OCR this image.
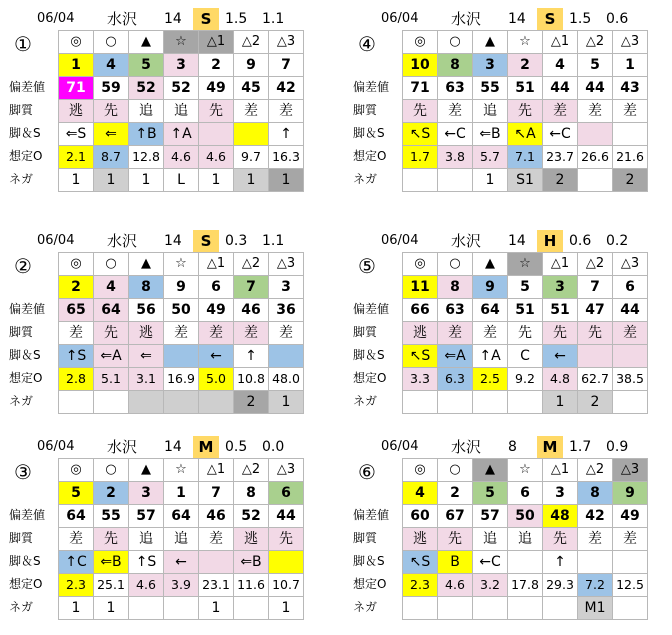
06/04 水沢 14	S 1.5 1.1
①
偏差値
脚質
脚＆S
想定O
ネガ
◎	○	▲	☆	△1	△2	△3
1	4	5	3	2	9	7
71	59	52	52	49	45	42
逃	先	追	追	先	差	差
⇐S	⇐	↑B	↑A			↑
2.1	8.7	12.8	4.6	4.6	9.7	16.3
1	1	1	L	1	1	1
06/04 水沢 14	S 0.3 1.1
②
偏差値
脚質
脚＆S
想定O
ネガ
◎	○	▲	☆	△1	△2	△3
2	4	8	9	6	7	3
65	64	56	50	49	46	36
差	先	逃	差	差	差	差
↑S	⇐A	⇐		←	↑	
2.8	5.1	3.1	16.9	5.0	10.8	48.0
					2	1
06/04 水沢 14	M 0.5 0.0
③
偏差値
脚質
脚＆S
想定O
ネガ
◎	○	▲	☆	△1	△2	△3
5	2	3	1	7	8	6
64	55	57	64	46	52	44
差	先	追	追	差	逃	先
↑C	⇐B	↑S	←		⇐B	
2.3	25.1	4.6	3.9	23.1	11.6	10.7
1	1			1		1
06/04 水沢 14	S 1.5 0.6
④
偏差値
脚質
脚＆S
想定O
ネガ
◎	○	▲	☆	△1	△2	△3
10	8	3	2	4	5	1
71	63	55	51	44	44	43
先	差	追	先	差	差	差
↖S	←C	⇐B	↖A	←C		
1.7	3.8	5.7	7.1	23.7	26.6	21.6
		1	S1	2		2
06/04 水沢 14	H 0.6 0.2
⑤
偏差値
脚質
脚＆S
想定O
ネガ
◎	○	▲	☆	△1	△2	△3
11	8	9	5	3	7	6
66	63	64	51	51	47	44
逃	差	差	先	先	先	差
↖S	⇐A	↑A	C	←		
3.3	6.3	2.5	9.2	4.8	62.7	38.5
				1	2	
06/04 水沢 8	M 1.7 0.9
⑥
偏差値
脚質
脚＆S
想定O
ネガ
◎	○	▲	☆	△1	△2	△3
4	2	5	6	3	8	9
60	67	57	50	48	42	49
逃	先	追	追	先	差	差
↖S	B	←C		↑		
2.3	4.6	3.2	17.8	29.3	7.2	12.5
					M1	
